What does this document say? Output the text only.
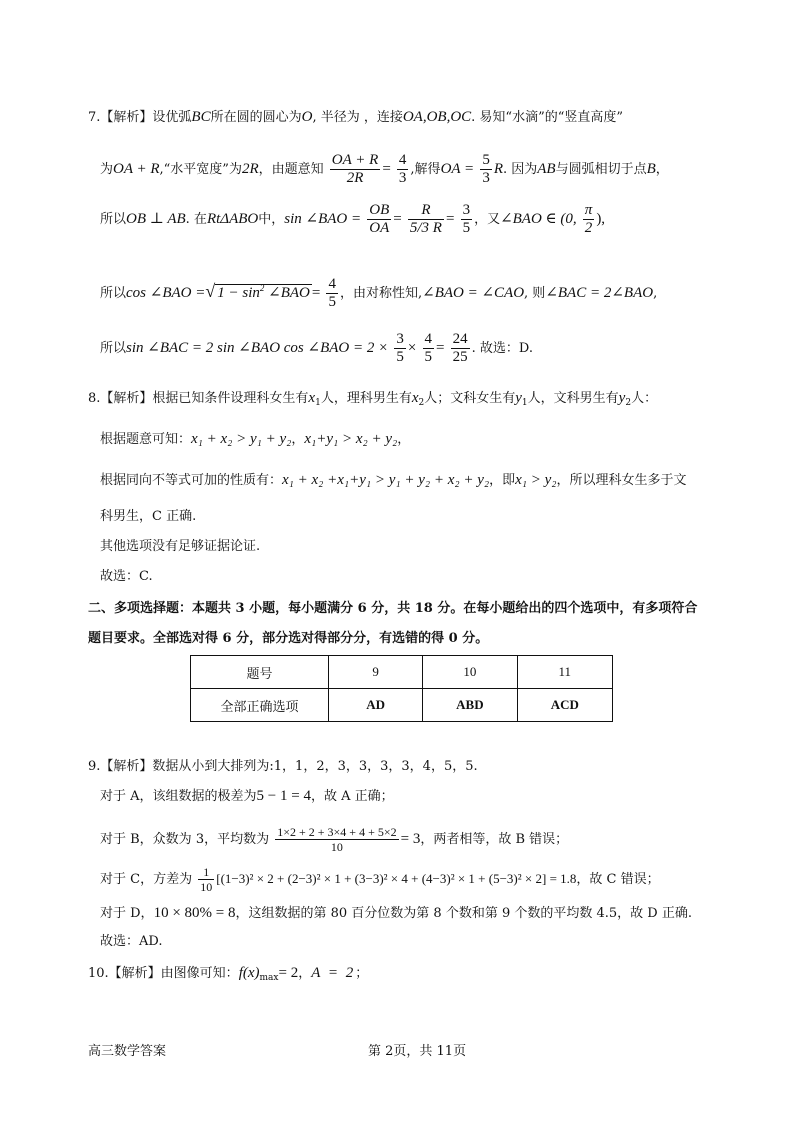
7.【解析】设优弧BC所在圆的圆心为O, 半径为 ，连接OA,OB,OC. 易知“水滴”的“竖直高度”
为OA + R,“水平宽度”为2R，由题意知 $\frac{OA + R}{2R} = \frac{4}{3}$ ,解得OA = $\frac{5}{3} R$. 因为AB与圆弧相切于点B，
所以OB ⊥ AB. 在RtΔABO中，sin ∠BAO = $\frac{OB}{OA} = \frac{R}{5/3 R} = \frac{3}{5}$ ，又∠BAO ∈ (0, $\frac{\pi}{2}$ ),
所以cos ∠BAO =√ $1 - \sin^2$ ∠BAO = $\frac{4}{5}$ ，由对称性知,∠BAO = ∠CAO, 则∠BAC = 2∠BAO,
所以sin ∠BAC = 2 sin ∠BAO cos ∠BAO = $2 \times \frac{3}{5} \times \frac{4}{5} = \frac{24}{25}$ . 故选：D.
8.【解析】根据已知条件设理科女生有$x_1$人，理科男生有$x_2$人；文科女生有$y_1$人，文科男生有$y_2$人：
根据题意可知：x₁ + x₂ > y₁ + y₂，x₁+y₁ > x₂ + y₂，
根据同向不等式可加的性质有：x₁ + x₂ +x₁+y₁ > y₁ + y₂ + x₂ + y₂，即x₁ > y₂，所以理科女生多于文
科男生，C 正确.
其他选项没有足够证据论证.
故选：C.
二、多项选择题：本题共 3 小题，每小题满分 6 分，共 18 分。在每小题给出的四个选项中，有多项符合
题目要求。全部选对得 6 分，部分选对得部分分，有选错的得 0 分。
题号	9	10	11
全部正确选项	AD	ABD	ACD
9.【解析】数据从小到大排列为:1，1，2，3，3，3，3，4，5，5.
对于 A，该组数据的极差为5 − 1 = 4，故 A 正确；
对于 B，众数为 3，平均数为 $\frac{1\times 2 + 2 + 3\times 4 + 4 + 5\times 2}{10} = 3$，两者相等，故 B 错误；
对于 C，方差为 $\frac{1}{10} [(1-3)^2 \times 2 + (2-3)^2 \times 1 + (3-3)^2 \times 4 + (4-3)^2 \times 1 + (5-3)^2 \times 2] = 1.8$，故 C 错误；
对于 D，10 × 80% = 8，这组数据的第 80 百分位数为第 8 个数和第 9 个数的平均数 4.5，故 D 正确.
故选：AD.
10.【解析】由图像可知：$f(x)_{max}= 2$，A = 2；
高三数学答案	第 2页，共 11页
